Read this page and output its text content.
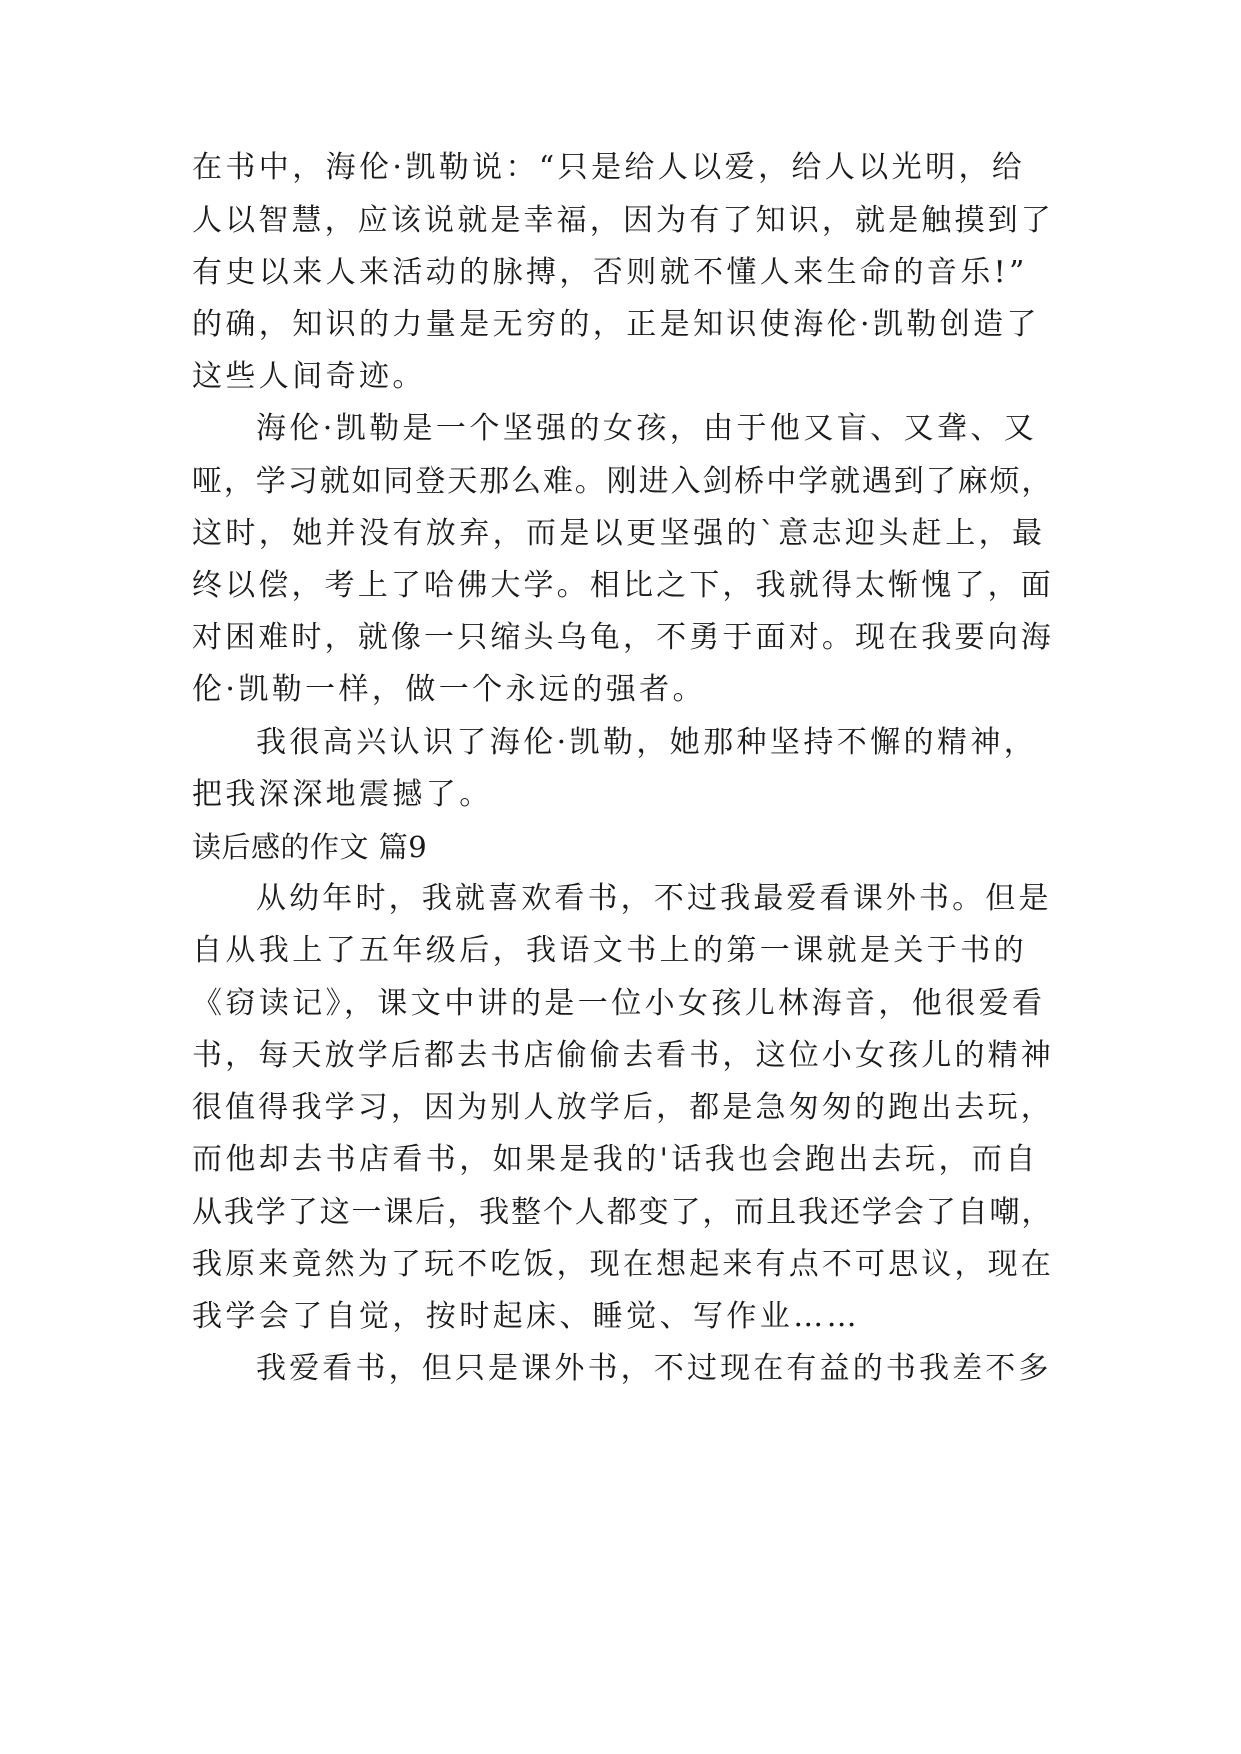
在书中，海伦·凯勒说：“只是给人以爱，给人以光明，给
人以智慧，应该说就是幸福，因为有了知识，就是触摸到了
有史以来人来活动的脉搏，否则就不懂人来生命的音乐!”
的确，知识的力量是无穷的，正是知识使海伦·凯勒创造了
这些人间奇迹。
海伦·凯勒是一个坚强的女孩，由于他又盲、又聋、又
哑，学习就如同登天那么难。刚进入剑桥中学就遇到了麻烦，
这时，她并没有放弃，而是以更坚强的`意志迎头赶上，最
终以偿，考上了哈佛大学。相比之下，我就得太惭愧了，面
对困难时，就像一只缩头乌龟，不勇于面对。现在我要向海
伦·凯勒一样，做一个永远的强者。
我很高兴认识了海伦·凯勒，她那种坚持不懈的精神，
把我深深地震撼了。
读后感的作文 篇9
从幼年时，我就喜欢看书，不过我最爱看课外书。但是
自从我上了五年级后，我语文书上的第一课就是关于书的
《窃读记》，课文中讲的是一位小女孩儿林海音，他很爱看
书，每天放学后都去书店偷偷去看书，这位小女孩儿的精神
很值得我学习，因为别人放学后，都是急匆匆的跑出去玩，
而他却去书店看书，如果是我的'话我也会跑出去玩，而自
从我学了这一课后，我整个人都变了，而且我还学会了自嘲，
我原来竟然为了玩不吃饭，现在想起来有点不可思议，现在
我学会了自觉，按时起床、睡觉、写作业……
我爱看书，但只是课外书，不过现在有益的书我差不多
